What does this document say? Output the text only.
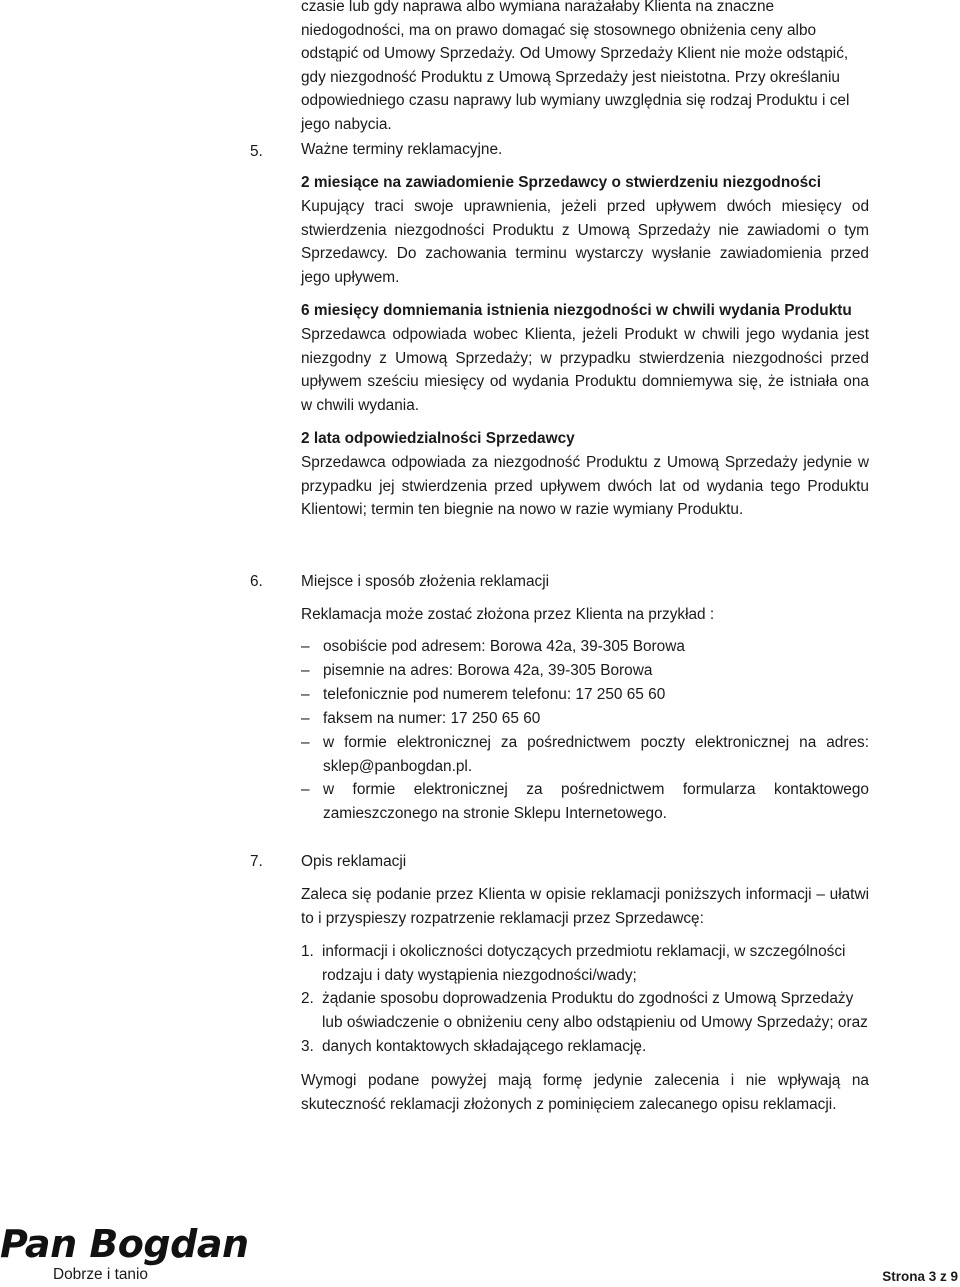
czasie lub gdy naprawa albo wymiana narażałaby Klienta na znaczne niedogodności, ma on prawo domagać się stosownego obniżenia ceny albo odstąpić od Umowy Sprzedaży. Od Umowy Sprzedaży Klient nie może odstąpić, gdy niezgodność Produktu z Umową Sprzedaży jest nieistotna. Przy określaniu odpowiedniego czasu naprawy lub wymiany uwzględnia się rodzaj Produktu i cel jego nabycia.

5.	Ważne terminy reklamacyjne.
2 miesiące na zawiadomienie Sprzedawcy o stwierdzeniu niezgodności

Kupujący traci swoje uprawnienia, jeżeli przed upływem dwóch miesięcy od stwierdzenia niezgodności Produktu z Umową Sprzedaży nie zawiadomi o tym Sprzedawcy. Do zachowania terminu wystarczy wysłanie zawiadomienia przed jego upływem.

6 miesięcy domniemania istnienia niezgodności w chwili wydania Produktu

Sprzedawca odpowiada wobec Klienta, jeżeli Produkt w chwili jego wydania jest niezgodny z Umową Sprzedaży; w przypadku stwierdzenia niezgodności przed upływem sześciu miesięcy od wydania Produktu domniemywa się, że istniała ona w chwili wydania.

2 lata odpowiedzialności Sprzedawcy

Sprzedawca odpowiada za niezgodność Produktu z Umową Sprzedaży jedynie w przypadku jej stwierdzenia przed upływem dwóch lat od wydania tego Produktu Klientowi; termin ten biegnie na nowo w razie wymiany Produktu.

6.	Miejsce i sposób złożenia reklamacji
Reklamacja może zostać złożona przez Klienta na przykład :
– osobiście pod adresem: Borowa 42a, 39-305 Borowa
– pisemnie na adres: Borowa 42a, 39-305 Borowa
– telefonicznie pod numerem telefonu: 17 250 65 60
– faksem na numer: 17 250 65 60
– w formie elektronicznej za pośrednictwem poczty elektronicznej na adres: sklep@panbogdan.pl.
– w formie elektronicznej za pośrednictwem formularza kontaktowego zamieszczonego na stronie Sklepu Internetowego.
7.	Opis reklamacji

Zaleca się podanie przez Klienta w opisie reklamacji poniższych informacji – ułatwi to i przyspieszy rozpatrzenie reklamacji przez Sprzedawcę:

1. informacji i okoliczności dotyczących przedmiotu reklamacji, w szczególności rodzaju i daty wystąpienia niezgodności/wady;
2. żądanie sposobu doprowadzenia Produktu do zgodności z Umową Sprzedaży lub oświadczenie o obniżeniu ceny albo odstąpieniu od Umowy Sprzedaży; oraz
3. danych kontaktowych składającego reklamację.

Wymogi podane powyżej mają formę jedynie zalecenia i nie wpływają na skuteczność reklamacji złożonych z pominięciem zalecanego opisu reklamacji.

Pan Bogdan
Dobrze i tanio	Strona 3 z 9
